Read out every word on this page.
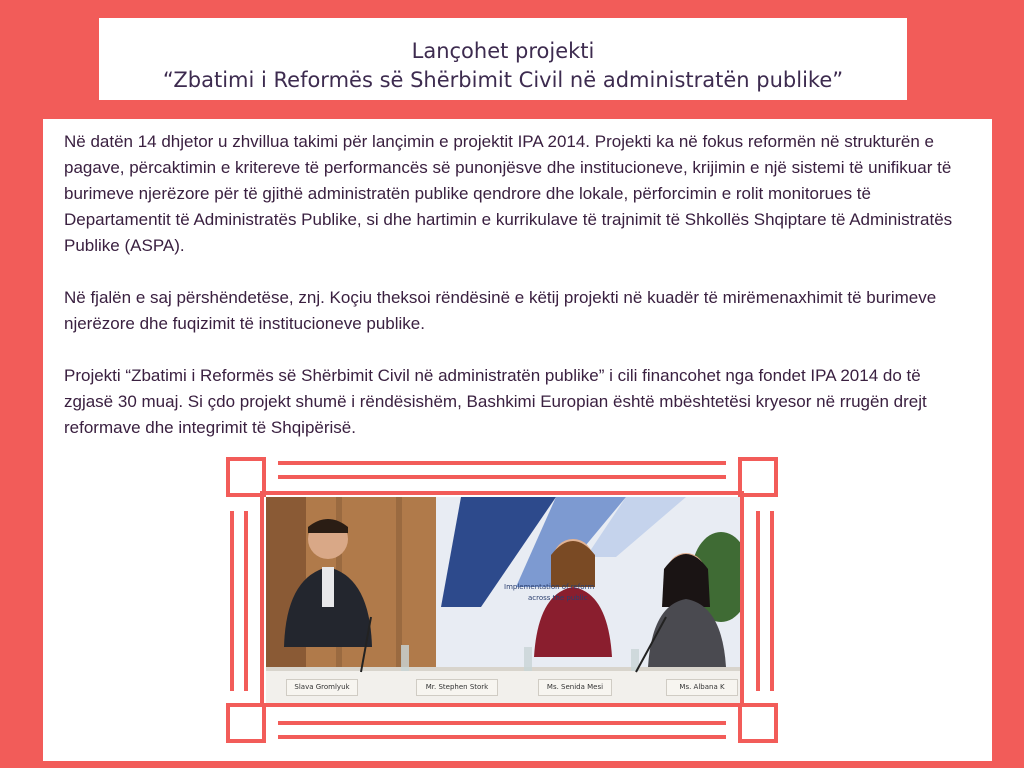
Lançohet projekti
“Zbatimi i Reformës së Shërbimit Civil në administratën publike”

Në datën 14 dhjetor u zhvillua takimi për lançimin e projektit IPA 2014. Projekti ka në fokus reformën në strukturën e pagave, përcaktimin e kritereve të performancës së punonjësve dhe institucioneve, krijimin e një sistemi të unifikuar të burimeve njerëzore për të gjithë administratën publike qendrore dhe lokale, përforcimin e rolit monitorues të Departamentit të Administratës Publike, si dhe hartimin e kurrikulave të trajnimit të Shkollës Shqiptare të Administratës Publike (ASPA).

Në fjalën e saj përshëndetëse, znj. Koçiu theksoi rëndësinë e këtij projekti në kuadër të mirëmenaxhimit të burimeve njerëzore dhe fuqizimit të institucioneve publike.

Projekti “Zbatimi i Reformës së Shërbimit Civil në administratën publike” i cili financohet nga fondet IPA 2014 do të zgjasë 30 muaj. Si çdo projekt shumë i rëndësishëm, Bashkimi Europian është mbështetësi kryesor në rrugën drejt reformave dhe integrimit të Shqipërisë.

Implementation of reform
across the public
Slava Gromlyuk	Mr. Stephen Stork	Ms. Senida Mesi	Ms. Albana K
